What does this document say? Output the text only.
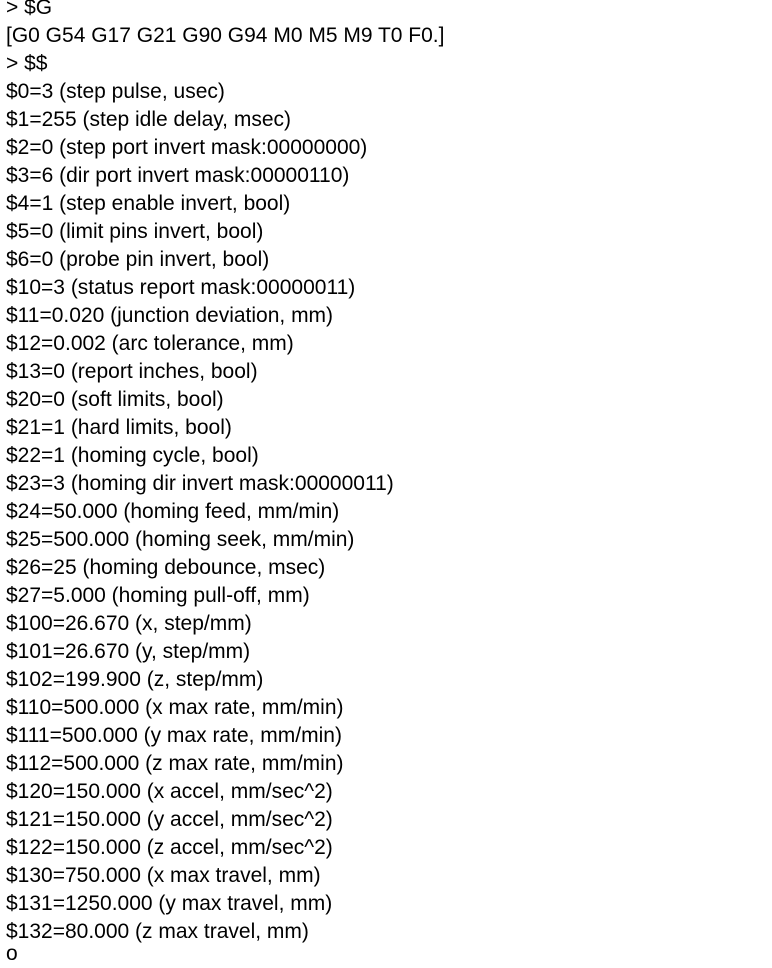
> $G
[G0 G54 G17 G21 G90 G94 M0 M5 M9 T0 F0.]
> $$
$0=3 (step pulse, usec)
$1=255 (step idle delay, msec)
$2=0 (step port invert mask:00000000)
$3=6 (dir port invert mask:00000110)
$4=1 (step enable invert, bool)
$5=0 (limit pins invert, bool)
$6=0 (probe pin invert, bool)
$10=3 (status report mask:00000011)
$11=0.020 (junction deviation, mm)
$12=0.002 (arc tolerance, mm)
$13=0 (report inches, bool)
$20=0 (soft limits, bool)
$21=1 (hard limits, bool)
$22=1 (homing cycle, bool)
$23=3 (homing dir invert mask:00000011)
$24=50.000 (homing feed, mm/min)
$25=500.000 (homing seek, mm/min)
$26=25 (homing debounce, msec)
$27=5.000 (homing pull-off, mm)
$100=26.670 (x, step/mm)
$101=26.670 (y, step/mm)
$102=199.900 (z, step/mm)
$110=500.000 (x max rate, mm/min)
$111=500.000 (y max rate, mm/min)
$112=500.000 (z max rate, mm/min)
$120=150.000 (x accel, mm/sec^2)
$121=150.000 (y accel, mm/sec^2)
$122=150.000 (z accel, mm/sec^2)
$130=750.000 (x max travel, mm)
$131=1250.000 (y max travel, mm)
$132=80.000 (z max travel, mm)
o
